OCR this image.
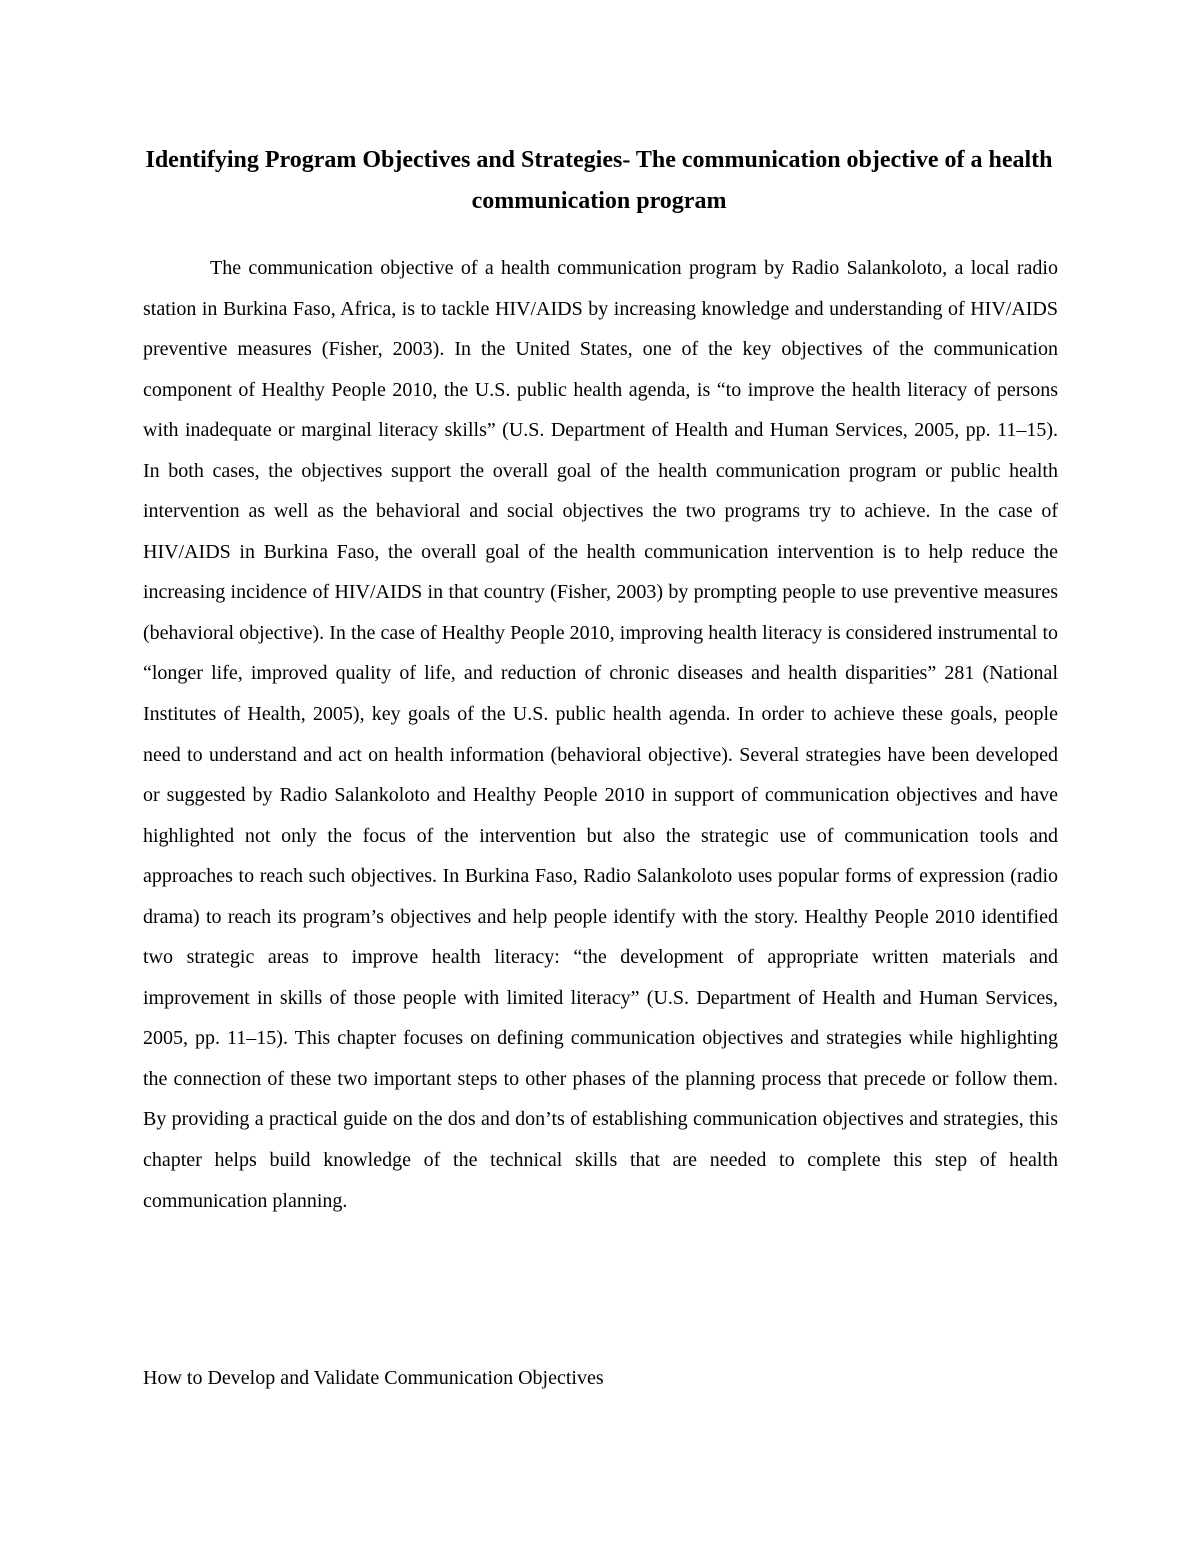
Identifying Program Objectives and Strategies- The communication objective of a health communication program

The communication objective of a health communication program by Radio Salankoloto, a local radio station in Burkina Faso, Africa, is to tackle HIV/AIDS by increasing knowledge and understanding of HIV/AIDS preventive measures (Fisher, 2003). In the United States, one of the key objectives of the communication component of Healthy People 2010, the U.S. public health agenda, is “to improve the health literacy of persons with inadequate or marginal literacy skills” (U.S. Department of Health and Human Services, 2005, pp. 11–15). In both cases, the objectives support the overall goal of the health communication program or public health intervention as well as the behavioral and social objectives the two programs try to achieve. In the case of HIV/AIDS in Burkina Faso, the overall goal of the health communication intervention is to help reduce the increasing incidence of HIV/AIDS in that country (Fisher, 2003) by prompting people to use preventive measures (behavioral objective). In the case of Healthy People 2010, improving health literacy is considered instrumental to “longer life, improved quality of life, and reduction of chronic diseases and health disparities” 281 (National Institutes of Health, 2005), key goals of the U.S. public health agenda. In order to achieve these goals, people need to understand and act on health information (behavioral objective). Several strategies have been developed or suggested by Radio Salankoloto and Healthy People 2010 in support of communication objectives and have highlighted not only the focus of the intervention but also the strategic use of communication tools and approaches to reach such objectives. In Burkina Faso, Radio Salankoloto uses popular forms of expression (radio drama) to reach its program’s objectives and help people identify with the story. Healthy People 2010 identified two strategic areas to improve health literacy: “the development of appropriate written materials and improvement in skills of those people with limited literacy” (U.S. Department of Health and Human Services, 2005, pp. 11–15). This chapter focuses on defining communication objectives and strategies while highlighting the connection of these two important steps to other phases of the planning process that precede or follow them. By providing a practical guide on the dos and don’ts of establishing communication objectives and strategies, this chapter helps build knowledge of the technical skills that are needed to complete this step of health communication planning.

How to Develop and Validate Communication Objectives
